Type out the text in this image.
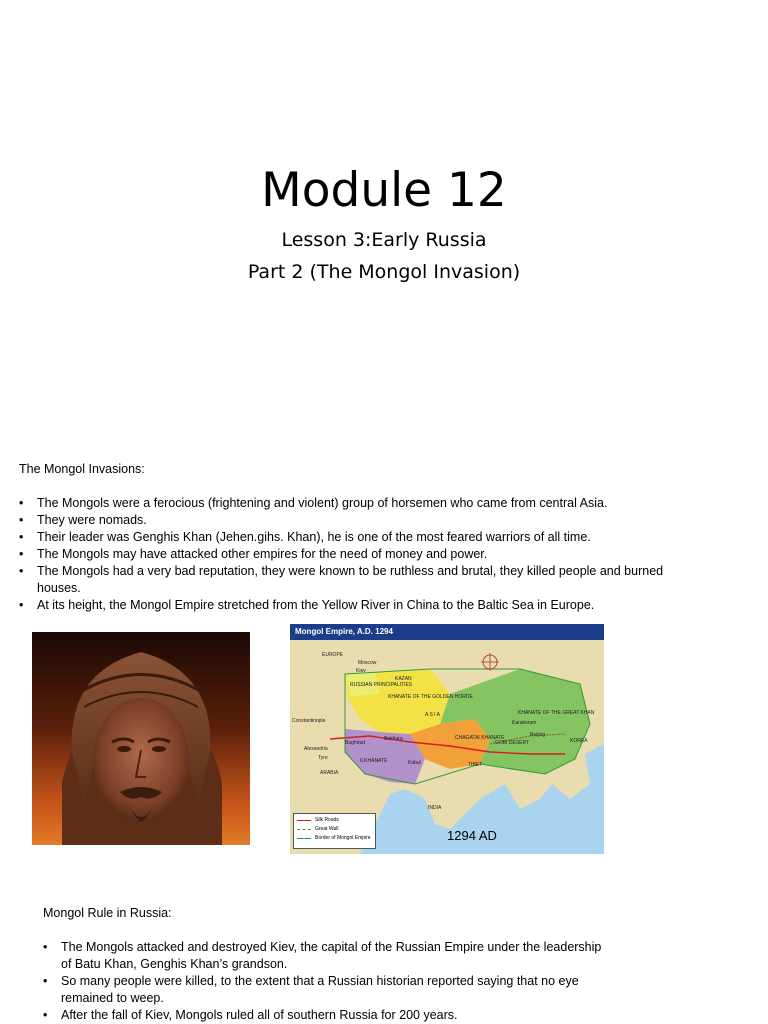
Module 12
Lesson 3:Early Russia
Part 2 (The Mongol Invasion)
The Mongol Invasions:
• The Mongols were a ferocious (frightening and violent) group of horsemen who came from central Asia.
• They were nomads.
• Their leader was Genghis Khan (Jehen.gihs. Khan), he is one of the most feared warriors of all time.
• The Mongols may have attacked other empires for the need of money and power.
• The Mongols had a very bad reputation, they were known to be ruthless and brutal, they killed people and burned houses.
• At its height, the Mongol Empire stretched from the Yellow River in China to the Baltic Sea in Europe.
EUROPE
Moscow
Kiev
KAZAN
RUSSIAN PRINCIPALITIES
KHANATE OF THE GOLDEN HORDE
A S I A	KHANATE OF THE GREAT KHAN
Karakorum
Beijing
GOBI DESERT	KOREA
CHAGATAI KHANATE
Bukhara
Baghdad
ILKHANATE	Kabul	TIBET
INDIA
ARABIA
Constantinople
Alexandria
Tyre
Mongol Empire, A.D. 1294
Silk Roads
Great Wall
Border of Mongol Empire	1294 AD
Mongol Rule in Russia:
• The Mongols attacked and destroyed Kiev, the capital of the Russian Empire under the leadership of Batu Khan, Genghis Khan’s grandson.
• So many people were killed, to the extent that a Russian historian reported saying that no eye remained to weep.
• After the fall of Kiev, Mongols ruled all of southern Russia for 200 years.
